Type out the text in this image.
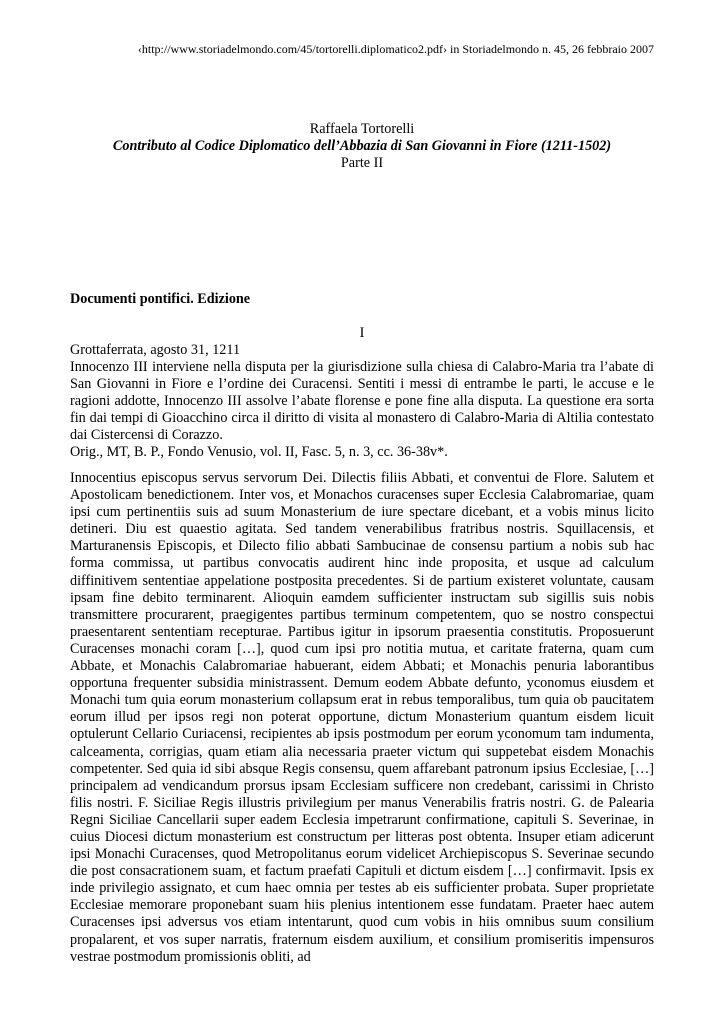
‹http://www.storiadelmondo.com/45/tortorelli.diplomatico2.pdf› in Storiadelmondo n. 45, 26 febbraio 2007
Raffaela Tortorelli
Contributo al Codice Diplomatico dell’Abbazia di San Giovanni in Fiore (1211-1502)
Parte II
Documenti pontifici. Edizione
I

Grottaferrata, agosto 31, 1211

Innocenzo III interviene nella disputa per la giurisdizione sulla chiesa di Calabro-Maria tra l’abate di San Giovanni in Fiore e l’ordine dei Curacensi. Sentiti i messi di entrambe le parti, le accuse e le ragioni addotte, Innocenzo III assolve l’abate florense e pone fine alla disputa. La questione era sorta fin dai tempi di Gioacchino circa il diritto di visita al monastero di Calabro-Maria di Altilia contestato dai Cistercensi di Corazzo.

Orig., MT, B. P., Fondo Venusio, vol. II, Fasc. 5, n. 3, cc. 36-38v*.

Innocentius episcopus servus servorum Dei. Dilectis filiis Abbati, et conventui de Flore. Salutem et Apostolicam benedictionem. Inter vos, et Monachos curacenses super Ecclesia Calabromariae, quam ipsi cum pertinentiis suis ad suum Monasterium de iure spectare dicebant, et a vobis minus licito detineri. Diu est quaestio agitata. Sed tandem venerabilibus fratribus nostris. Squillacensis, et Marturanensis Episcopis, et Dilecto filio abbati Sambucinae de consensu partium a nobis sub hac forma commissa, ut partibus convocatis audirent hinc inde proposita, et usque ad calculum diffinitivem sententiae appelatione postposita precedentes. Si de partium existeret voluntate, causam ipsam fine debito terminarent. Alioquin eamdem sufficienter instructam sub sigillis suis nobis transmittere procurarent, praegigentes partibus terminum competentem, quo se nostro conspectui praesentarent sententiam recepturae. Partibus igitur in ipsorum praesentia constitutis. Proposuerunt Curacenses monachi coram […], quod cum ipsi pro notitia mutua, et caritate fraterna, quam cum Abbate, et Monachis Calabromariae habuerant, eidem Abbati; et Monachis penuria laborantibus opportuna frequenter subsidia ministrassent. Demum eodem Abbate defunto, yconomus eiusdem et Monachi tum quia eorum monasterium collapsum erat in rebus temporalibus, tum quia ob paucitatem eorum illud per ipsos regi non poterat opportune, dictum Monasterium quantum eisdem licuit optulerunt Cellario Curiacensi, recipientes ab ipsis postmodum per eorum yconomum tam indumenta, calceamenta, corrigias, quam etiam alia necessaria praeter victum qui suppetebat eisdem Monachis competenter. Sed quia id sibi absque Regis consensu, quem affarebant patronum ipsius Ecclesiae, […] principalem ad vendicandum prorsus ipsam Ecclesiam sufficere non credebant, carissimi in Christo filis nostri. F. Siciliae Regis illustris privilegium per manus Venerabilis fratris nostri. G. de Palearia Regni Siciliae Cancellarii super eadem Ecclesia impetrarunt confirmatione, capituli S. Severinae, in cuius Diocesi dictum monasterium est constructum per litteras post obtenta. Insuper etiam adicerunt ipsi Monachi Curacenses, quod Metropolitanus eorum videlicet Archiepiscopus S. Severinae secundo die post consacrationem suam, et factum praefati Capituli et dictum eisdem […] confirmavit. Ipsis ex inde privilegio assignato, et cum haec omnia per testes ab eis sufficienter probata. Super proprietate Ecclesiae memorare proponebant suam hiis plenius intentionem esse fundatam. Praeter haec autem Curacenses ipsi adversus vos etiam intentarunt, quod cum vobis in hiis omnibus suum consilium propalarent, et vos super narratis, fraternum eisdem auxilium, et consilium promiseritis impensuros vestrae postmodum promissionis obliti, ad
